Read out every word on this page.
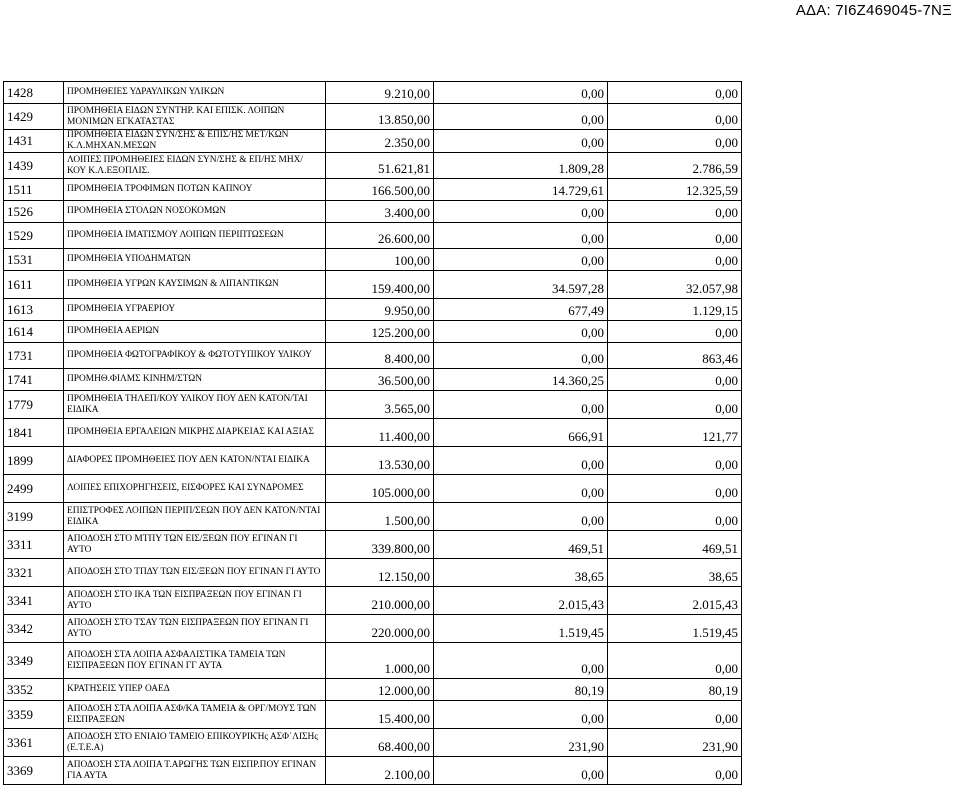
ΑΔΑ: 7Ι6Ζ469045-7ΝΞ
1428	ΠΡΟΜΗΘΕΙΕΣ ΥΔΡΑΥΛΙΚΩΝ ΥΛΙΚΩΝ	9.210,00	0,00	0,00
1429	ΠΡΟΜΗΘΕΙΑ ΕΙΔΩΝ ΣΥΝΤΗΡ. ΚΑΙ ΕΠΙΣΚ. ΛΟΙΠΩΝ ΜΟΝΙΜΩΝ ΕΓΚΑΤΑΣΤΑΣ	13.850,00	0,00	0,00
1431	ΠΡΟΜΗΘΕΙΑ ΕΙΔΩΝ ΣΥΝ/ΣΗΣ & ΕΠΙΣ/ΗΣ ΜΕΤ/ΚΩΝ Κ.Λ.ΜΗΧΑΝ.ΜΕΣΩΝ	2.350,00	0,00	0,00
1439	ΛΟΙΠΕΣ ΠΡΟΜΗΘΕΙΕΣ ΕΙΔΩΝ ΣΥΝ/ΣΗΣ & ΕΠ/ΗΣ ΜΗΧ/ΚΟΥ Κ.Λ.ΕΞΟΠΛΙΣ.	51.621,81	1.809,28	2.786,59
1511	ΠΡΟΜΗΘΕΙΑ ΤΡΟΦΙΜΩΝ ΠΟΤΩΝ ΚΑΠΝΟΥ	166.500,00	14.729,61	12.325,59
1526	ΠΡΟΜΗΘΕΙΑ ΣΤΟΛΩΝ ΝΟΣΟΚΟΜΩΝ	3.400,00	0,00	0,00
1529	ΠΡΟΜΗΘΕΙΑ ΙΜΑΤΙΣΜΟΥ ΛΟΙΠΩΝ ΠΕΡΙΠΤΩΣΕΩΝ	26.600,00	0,00	0,00
1531	ΠΡΟΜΗΘΕΙΑ ΥΠΟΔΗΜΑΤΩΝ	100,00	0,00	0,00
1611	ΠΡΟΜΗΘΕΙΑ ΥΓΡΩΝ ΚΑΥΣΙΜΩΝ & ΛΙΠΑΝΤΙΚΩΝ	159.400,00	34.597,28	32.057,98
1613	ΠΡΟΜΗΘΕΙΑ ΥΓΡΑΕΡΙΟΥ	9.950,00	677,49	1.129,15
1614	ΠΡΟΜΗΘΕΙΑ ΑΕΡΙΩΝ	125.200,00	0,00	0,00
1731	ΠΡΟΜΗΘΕΙΑ ΦΩΤΟΓΡΑΦΙΚΟΥ & ΦΩΤΟΤΥΠΙΚΟΥ ΥΛΙΚΟΥ	8.400,00	0,00	863,46
1741	ΠΡΟΜΗΘ.ΦΙΛΜΣ ΚΙΝΗΜ/ΣΤΩΝ	36.500,00	14.360,25	0,00
1779	ΠΡΟΜΗΘΕΙΑ ΤΗΛΕΠ/ΚΟΥ ΥΛΙΚΟΥ ΠΟΥ ΔΕΝ ΚΑΤΟΝ/ΤΑΙ ΕΙΔΙΚΑ	3.565,00	0,00	0,00
1841	ΠΡΟΜΗΘΕΙΑ ΕΡΓΑΛΕΙΩΝ ΜΙΚΡΗΣ ΔΙΑΡΚΕΙΑΣ ΚΑΙ ΑΞΙΑΣ	11.400,00	666,91	121,77
1899	ΔΙΑΦΟΡΕΣ ΠΡΟΜΗΘΕΙΕΣ ΠΟΥ ΔΕΝ ΚΑΤΟΝ/ΝΤΑΙ ΕΙΔΙΚΑ	13.530,00	0,00	0,00
2499	ΛΟΙΠΕΣ ΕΠΙΧΟΡΗΓΗΣΕΙΣ, ΕΙΣΦΟΡΕΣ ΚΑΙ ΣΥΝΔΡΟΜΕΣ	105.000,00	0,00	0,00
3199	ΕΠΙΣΤΡΟΦΕΣ ΛΟΙΠΩΝ ΠΕΡΙΠ/ΣΕΩΝ ΠΟΥ ΔΕΝ ΚΑΤΟΝ/ΝΤΑΙ ΕΙΔΙΚΑ	1.500,00	0,00	0,00
3311	ΑΠΟΔΟΣΗ ΣΤΟ ΜΤΠΥ ΤΩΝ ΕΙΣ/ΞΕΩΝ ΠΟΥ ΕΓΙΝΑΝ ΓΙ ΑΥΤΟ	339.800,00	469,51	469,51
3321	ΑΠΟΔΟΣΗ ΣΤΟ ΤΠΔΥ ΤΩΝ ΕΙΣ/ΞΕΩΝ ΠΟΥ ΕΓΙΝΑΝ ΓΙ ΑΥΤΟ	12.150,00	38,65	38,65
3341	ΑΠΟΔΟΣΗ ΣΤΟ ΙΚΑ ΤΩΝ ΕΙΣΠΡΑΞΕΩΝ ΠΟΥ ΕΓΙΝΑΝ ΓΙ ΑΥΤΟ	210.000,00	2.015,43	2.015,43
3342	ΑΠΟΔΟΣΗ ΣΤΟ ΤΣΑΥ ΤΩΝ ΕΙΣΠΡΑΞΕΩΝ ΠΟΥ ΕΓΙΝΑΝ ΓΙ ΑΥΤΟ	220.000,00	1.519,45	1.519,45
3349	ΑΠΟΔΟΣΗ ΣΤΑ ΛΟΙΠΑ ΑΣΦΑΛΙΣΤΙΚΑ ΤΑΜΕΙΑ ΤΩΝ ΕΙΣΠΡΑΞΕΩΝ ΠΟΥ ΕΓΙΝΑΝ ΓΓ ΑΥΤΑ	1.000,00	0,00	0,00
3352	ΚΡΑΤΗΣΕΙΣ ΥΠΕΡ ΟΑΕΔ	12.000,00	80,19	80,19
3359	ΑΠΟΔΟΣΗ ΣΤΑ ΛΟΙΠΑ ΑΣΦ/ΚΑ ΤΑΜΕΙΑ & ΟΡΓ/ΜΟΥΣ ΤΩΝ ΕΙΣΠΡΑΞΕΩΝ	15.400,00	0,00	0,00
3361	ΑΠΟΔΟΣΗ ΣΤΟ ΕΝΙΑΙΟ ΤΑΜΕΙΟ ΕΠΙΚΟΥΡΙΚΉς ΑΣΦ΄ΛΙΣΗς (Ε.Τ.Ε.Α)	68.400,00	231,90	231,90
3369	ΑΠΟΔΟΣΗ ΣΤΑ ΛΟΙΠΑ Τ.ΑΡΩΓΗΣ ΤΩΝ ΕΙΣΠΡ.ΠΟΥ ΕΓΙΝΑΝ ΓΙΑ ΑΥΤΑ	2.100,00	0,00	0,00
